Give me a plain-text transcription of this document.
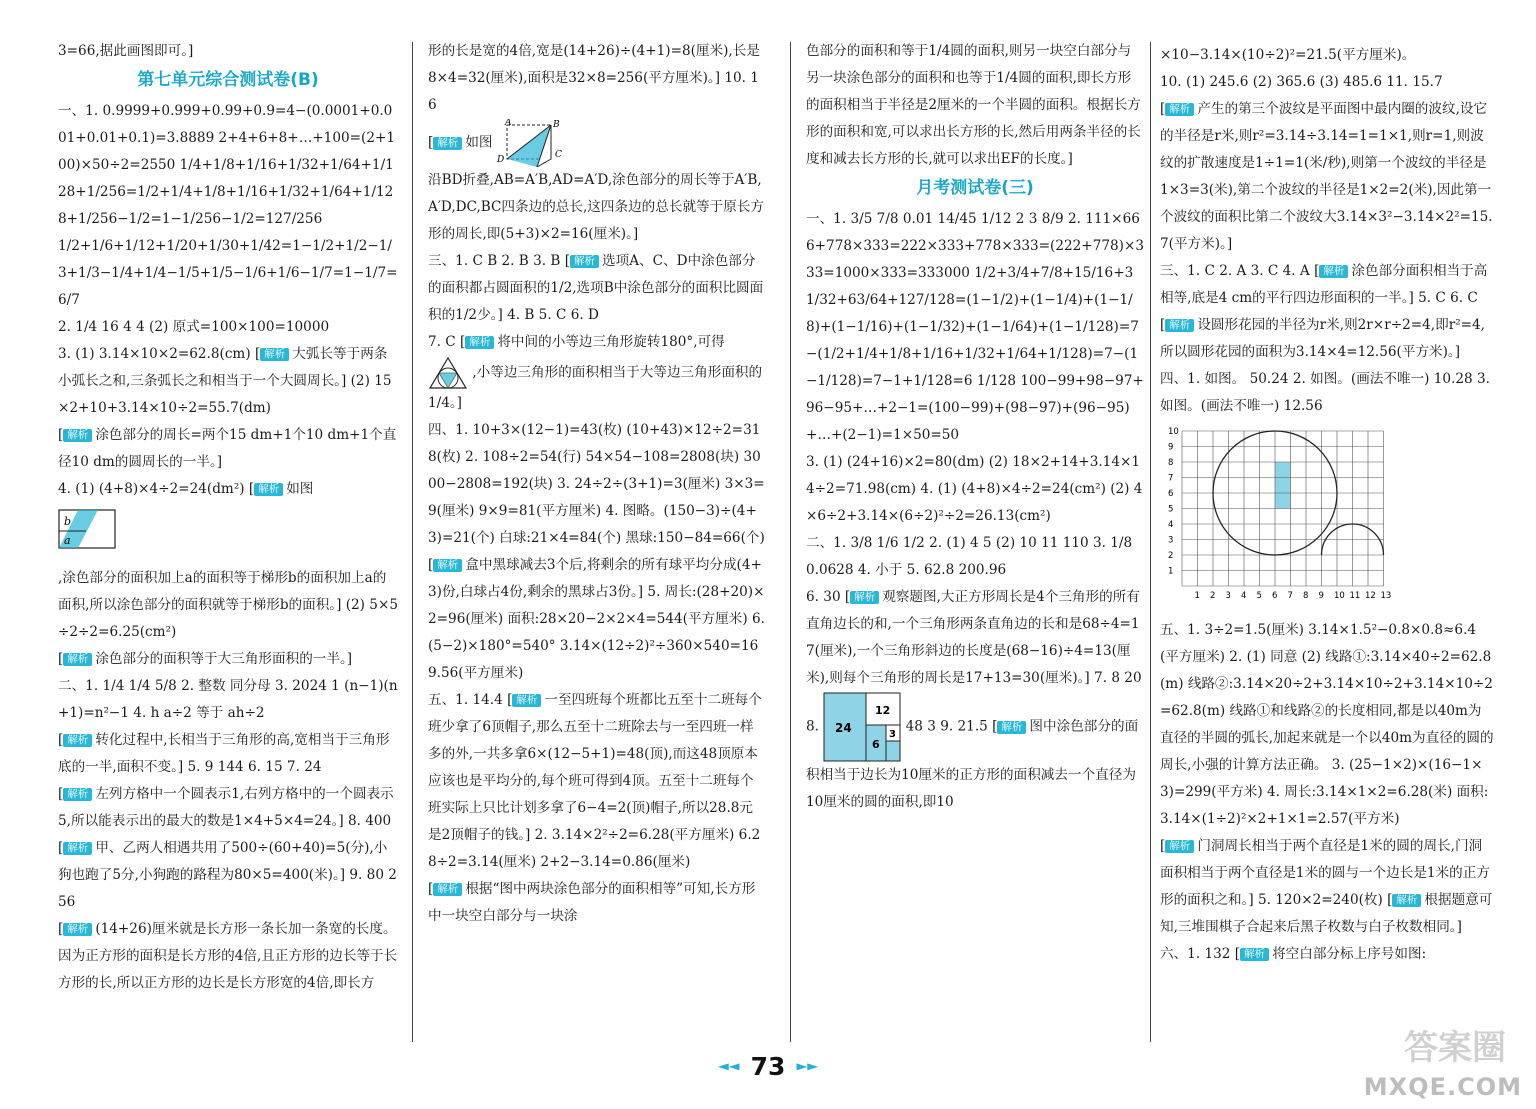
3=66,据此画图即可。]

第七单元综合测试卷(B)

一、1. 0.9999+0.999+0.99+0.9=4−(0.0001+0.001+0.01+0.1)=3.8889 2+4+6+8+…+100=(2+100)×50÷2=2550 1/4+1/8+1/16+1/32+1/64+1/128+1/256=1/2+1/4+1/8+1/16+1/32+1/64+1/128+1/256−1/2=1−1/256−1/2=127/256

1/2+1/6+1/12+1/20+1/30+1/42=1−1/2+1/2−1/3+1/3−1/4+1/4−1/5+1/5−1/6+1/6−1/7=1−1/7=6/7

2. 1/4 16 4 4 (2) 原式=100×100=10000

3. (1) 3.14×10×2=62.8(cm) [ 解析 大弧长等于两条小弧长之和,三条弧长之和相当于一个大圆周长。] (2) 15×2+10+3.14×10÷2=55.7(dm)

[ 解析 涂色部分的周长=两个15 dm+1个10 dm+1个直径10 dm的圆周长的一半。]

4. (1) (4+8)×4÷2=24(dm²) [ 解析 如图

b
a

,涂色部分的面积加上a的面积等于梯形b的面积加上a的面积,所以涂色部分的面积就等于梯形b的面积。] (2) 5×5÷2÷2=6.25(cm²)

[ 解析 涂色部分的面积等于大三角形面积的一半。]

二、1. 1/4 1/4 5/8 2. 整数 同分母 3. 2024 1 (n−1)(n+1)=n²−1 4. h a÷2 等于 ah÷2

[ 解析 转化过程中,长相当于三角形的高,宽相当于三角形底的一半,面积不变。] 5. 9 144 6. 15 7. 24

[ 解析 左列方格中一个圆表示1,右列方格中的一个圆表示5,所以能表示出的最大的数是1×4+5×4=24。] 8. 400

[ 解析 甲、乙两人相遇共用了500÷(60+40)=5(分),小狗也跑了5分,小狗跑的路程为80×5=400(米)。] 9. 80 256

[ 解析 (14+26)厘米就是长方形一条长加一条宽的长度。因为正方形的面积是长方形的4倍,且正方形的边长等于长方形的长,所以正方形的边长是长方形宽的4倍,即长方

形的长是宽的4倍,宽是(14+26)÷(4+1)=8(厘米),长是8×4=32(厘米),面积是32×8=256(平方厘米)。] 10. 16

[ 解析 如图
A	B
D	C

沿BD折叠,AB=A′B,AD=A′D,涂色部分的周长等于A′B,A′D,DC,BC四条边的总长,这四条边的总长就等于原长方形的周长,即(5+3)×2=16(厘米)。]

三、1. C B 2. B 3. B [ 解析 选项A、C、D中涂色部分的面积都占圆面积的1/2,选项B中涂色部分的面积比圆面积的1/2少。] 4. B 5. C 6. D

7. C [ 解析 将中间的小等边三角形旋转180°,可得  ,小等边三角形的面积相当于大等边三角形面积的1/4。]

四、1. 10+3×(12−1)=43(枚) (10+43)×12÷2=318(枚) 2. 108÷2=54(行) 54×54−108=2808(块) 3000−2808=192(块) 3. 24÷2÷(3+1)=3(厘米) 3×3=9(厘米) 9×9=81(平方厘米) 4. 图略。(150−3)÷(4+3)=21(个) 白球:21×4=84(个) 黑球:150−84=66(个)

[ 解析 盒中黑球减去3个后,将剩余的所有球平均分成(4+3)份,白球占4份,剩余的黑球占3份。] 5. 周长:(28+20)×2=96(厘米) 面积:28×20−2×2×4=544(平方厘米) 6. (5−2)×180°=540° 3.14×(12÷2)²÷360×540=169.56(平方厘米)

五、1. 14.4 [ 解析 一至四班每个班都比五至十二班每个班少拿了6顶帽子,那么五至十二班除去与一至四班一样多的外,一共多拿6×(12−5+1)=48(顶),而这48顶原本应该也是平均分的,每个班可得到4顶。五至十二班每个班实际上只比计划多拿了6−4=2(顶)帽子,所以28.8元是2顶帽子的钱。] 2. 3.14×2²÷2=6.28(平方厘米) 6.28÷2=3.14(厘米) 2+2−3.14=0.86(厘米)

[ 解析 根据“图中两块涂色部分的面积相等”可知,长方形中一块空白部分与一块涂

色部分的面积和等于1/4圆的面积,则另一块空白部分与另一块涂色部分的面积和也等于1/4圆的面积,即长方形的面积相当于半径是2厘米的一个半圆的面积。根据长方形的面积和宽,可以求出长方形的长,然后用两条半径的长度和减去长方形的长,就可以求出EF的长度。]

月考测试卷(三)

一、1. 3/5 7/8 0.01 14/45 1/12 2 3 8/9 2. 111×666+778×333=222×333+778×333=(222+778)×333=1000×333=333000 1/2+3/4+7/8+15/16+31/32+63/64+127/128=(1−1/2)+(1−1/4)+(1−1/8)+(1−1/16)+(1−1/32)+(1−1/64)+(1−1/128)=7−(1/2+1/4+1/8+1/16+1/32+1/64+1/128)=7−(1−1/128)=7−1+1/128=6 1/128 100−99+98−97+96−95+…+2−1=(100−99)+(98−97)+(96−95)+…+(2−1)=1×50=50

3. (1) (24+16)×2=80(dm) (2) 18×2+14+3.14×14÷2=71.98(cm) 4. (1) (4+8)×4÷2=24(cm²) (2) 4×6÷2+3.14×(6÷2)²÷2=26.13(cm²)

二、1. 3/8 1/6 1/2 2. (1) 4 5 (2) 10 11 110 3. 1/8 0.0628 4. 小于 5. 62.8 200.96

6. 30 [ 解析 观察题图,大正方形周长是4个三角形的所有直角边长的和,一个三角形两条直角边的长和是68÷4=17(厘米),一个三角形斜边的长度是(68−16)÷4=13(厘米),则每个三角形的周长是17+13=30(厘米)。] 7. 8 20

8. 24
12
6
3 48 3 9. 21.5 [ 解析 图中涂色部分的面积相当于边长为10厘米的正方形的面积减去一个直径为10厘米的圆的面积,即10

×10−3.14×(10÷2)²=21.5(平方厘米)。

10. (1) 245.6 (2) 365.6 (3) 485.6 11. 15.7

[ 解析 产生的第三个波纹是平面图中最内圈的波纹,设它的半径是r米,则r²=3.14÷3.14=1=1×1,则r=1,则波纹的扩散速度是1÷1=1(米/秒),则第一个波纹的半径是1×3=3(米),第二个波纹的半径是1×2=2(米),因此第一个波纹的面积比第二个波纹大3.14×3²−3.14×2²=15.7(平方米)。]

三、1. C 2. A 3. C 4. A [ 解析 涂色部分面积相当于高相等,底是4 cm的平行四边形面积的一半。] 5. C 6. C

[ 解析 设圆形花园的半径为r米,则2r×r÷2=4,即r²=4,所以圆形花园的面积为3.14×4=12.56(平方米)。]

四、1. 如图。 50.24 2. 如图。(画法不唯一) 10.28 3. 如图。(画法不唯一) 12.56

1 2 3 4 5 6 7 8 9 10 11 12 13
10
9
8
7
6
5
4
3
2
1

五、1. 3÷2=1.5(厘米) 3.14×1.5²−0.8×0.8≈6.4(平方厘米) 2. (1) 同意 (2) 线路①:3.14×40÷2=62.8(m) 线路②:3.14×20÷2+3.14×10÷2+3.14×10÷2=62.8(m) 线路①和线路②的长度相同,都是以40m为直径的半圆的弧长,加起来就是一个以40m为直径的圆的周长,小强的计算方法正确。 3. (25−1×2)×(16−1×3)=299(平方米) 4. 周长:3.14×1×2=6.28(米) 面积:3.14×(1÷2)²×2+1×1=2.57(平方米)

[ 解析 门洞周长相当于两个直径是1米的圆的周长,门洞面积相当于两个直径是1米的圆与一个边长是1米的正方形的面积之和。] 5. 120×2=240(枚) [ 解析 根据题意可知,三堆围棋子合起来后黑子枚数与白子枚数相同。]

六、1. 132 [ 解析 将空白部分标上序号如图:

◄◄ 73 ►►	答案圈
MXQE.COM
